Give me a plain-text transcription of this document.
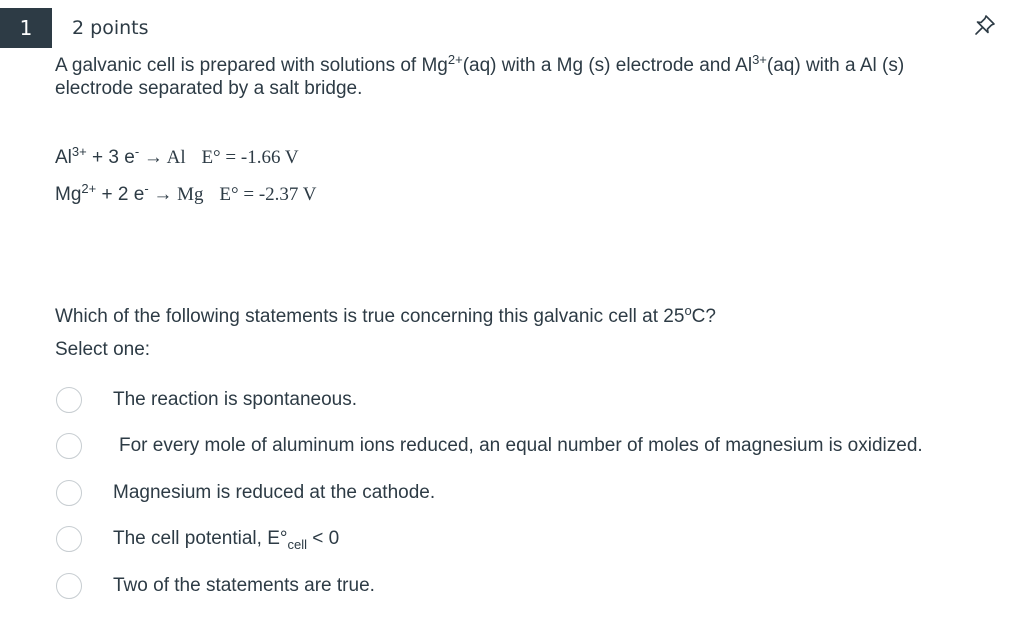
1	2 points
A galvanic cell is prepared with solutions of $Mg^{2+}(aq)$ with a Mg (s) electrode and $Al^{3+}(aq)$ with a Al (s) electrode separated by a salt bridge.
$Al^{3+} + 3$ e- → Al E° = -1.66 V
$Mg^{2+} + 2$ e- → Mg E° = -2.37 V
Which of the following statements is true concerning this galvanic cell at 25$^o$C?
Select one:
The reaction is spontaneous.
For every mole of aluminum ions reduced, an equal number of moles of magnesium is oxidized.
Magnesium is reduced at the cathode.
The cell potential, $E^\circ_{cell} < 0$
Two of the statements are true.
